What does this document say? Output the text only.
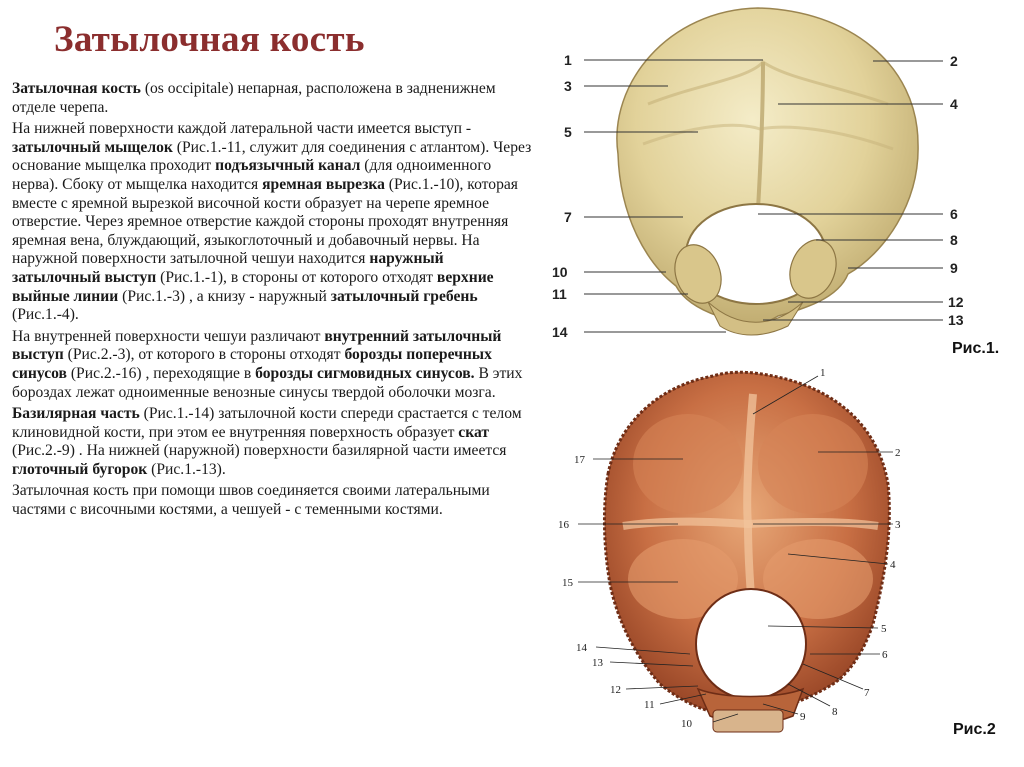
Затылочная кость

Затылочная кость (os occipitale) непарная, расположена в задненижнем отделе черепа.

На нижней поверхности каждой латеральной части имеется выступ - затылочный мыщелок (Рис.1.-11, служит для соединения с атлантом). Через основание мыщелка проходит подъязычный канал (для одноименного нерва). Сбоку от мыщелка находится яремная вырезка (Рис.1.-10), которая вместе с яремной вырезкой височной кости образует на черепе яремное отверстие. Через яремное отверстие каждой стороны проходят внутренняя яремная вена, блуждающий, языкоглоточный и добавочный нервы. На наружной поверхности затылочной чешуи находится наружный затылочный выступ (Рис.1.-1), в стороны от которого отходят верхние выйные линии (Рис.1.-3) , а книзу - наружный затылочный гребень (Рис.1.-4).

На внутренней поверхности чешуи различают внутренний затылочный выступ (Рис.2.-3), от которого в стороны отходят борозды поперечных синусов (Рис.2.-16) , переходящие в борозды сигмовидных синусов. В этих бороздах лежат одноименные венозные синусы твердой оболочки мозга.

Базилярная часть (Рис.1.-14) затылочной кости спереди срастается с телом клиновидной кости, при этом ее внутренняя поверхность образует скат (Рис.2.-9) . На нижней (наружной) поверхности базилярной части имеется глоточный бугорок (Рис.1.-13).

Затылочная кость при помощи швов соединяется своими латеральными частями с височными костями, а чешуей - с теменными костями.

1
3
5
7
10
11
14
2
4
6
8
9
12
13
Рис.1.
1
2
3
4
5
6
7
8
9
10
11
12
13
14
15
16
17
Рис.2
